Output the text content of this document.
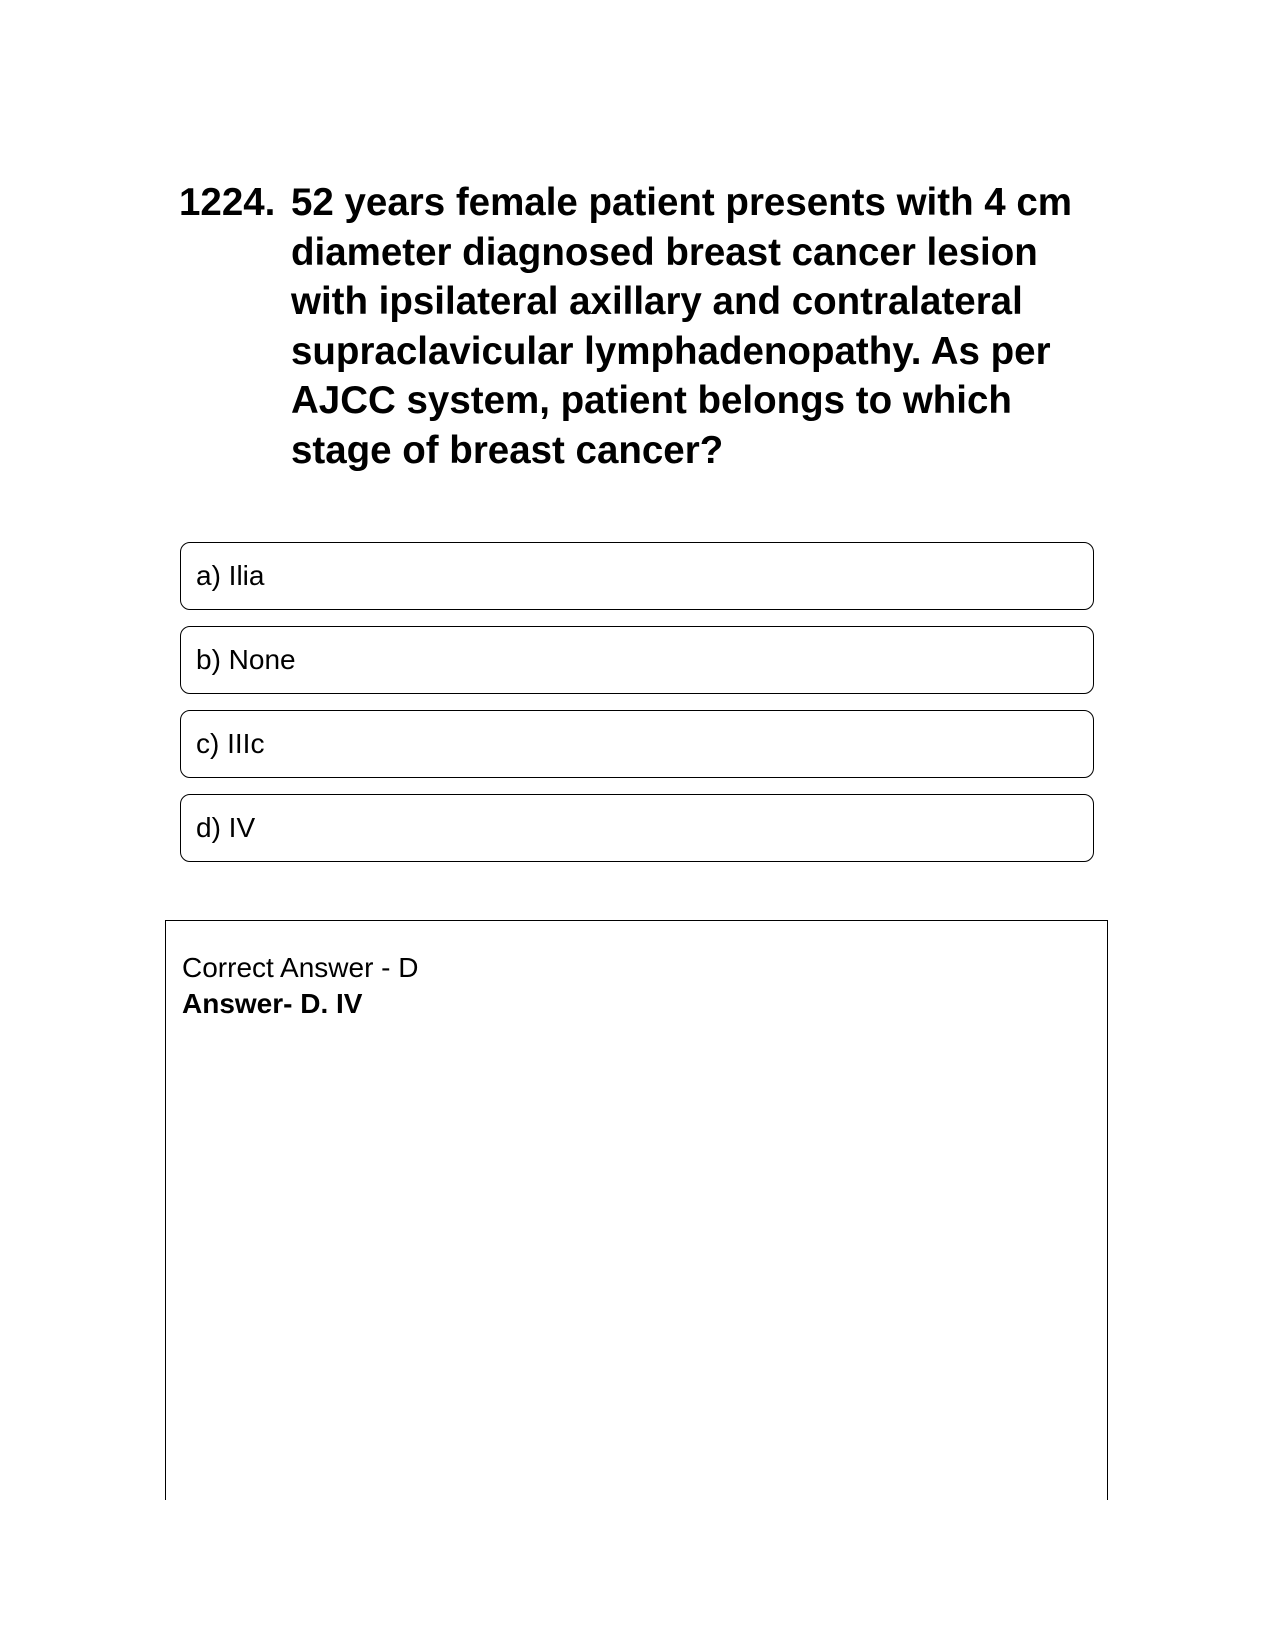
1224. 52 years female patient presents with 4 cm diameter diagnosed breast cancer lesion with ipsilateral axillary and contralateral supraclavicular lymphadenopathy. As per AJCC system, patient belongs to which stage of breast cancer?
a) Ilia
b) None
c) IIIc
d) IV
Correct Answer - D
Answer- D. IV
